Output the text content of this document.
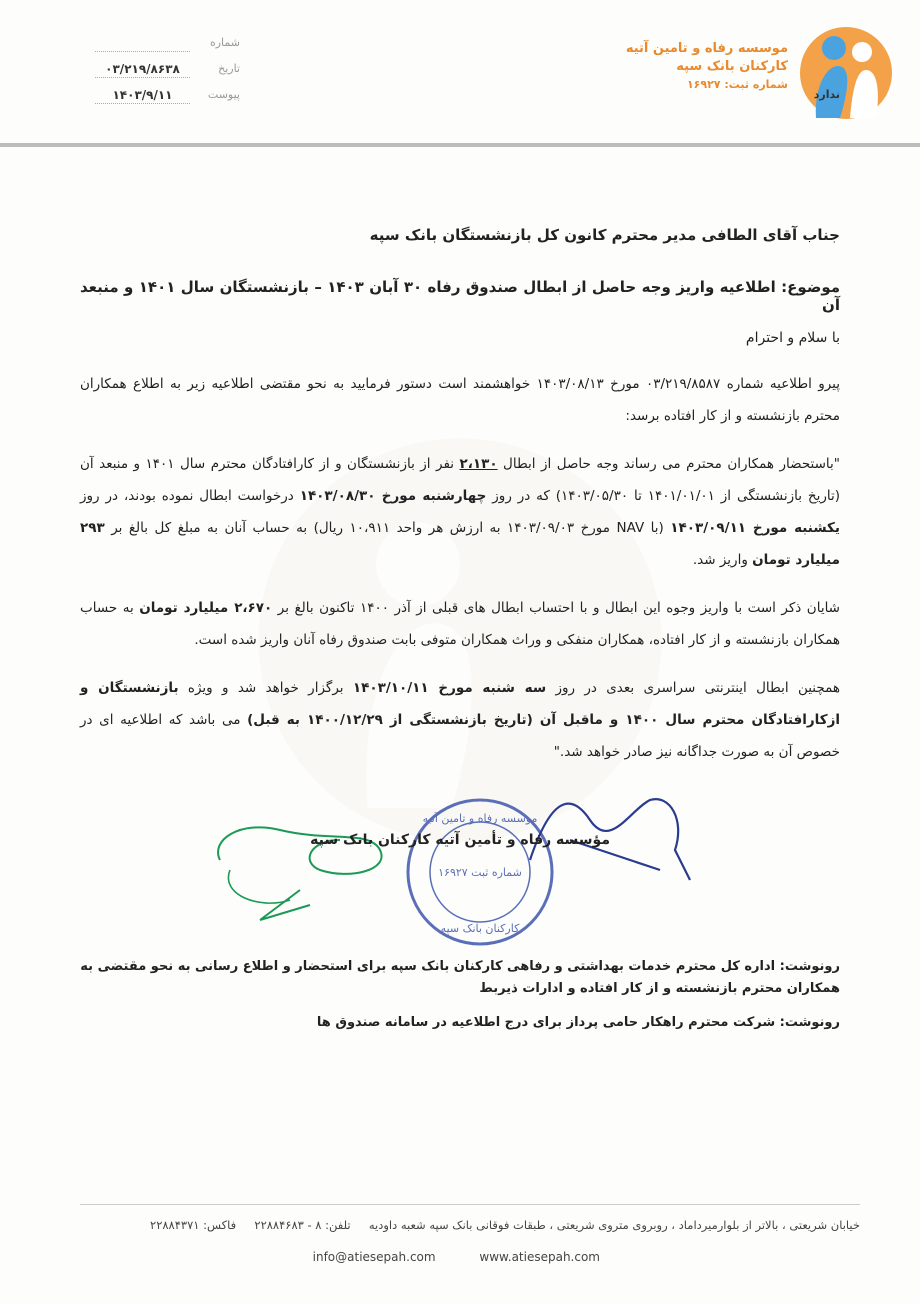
موسسه رفاه و تامین آتیه
کارکنان بانک سپه
شماره ثبت: ۱۶۹۲۷
شماره
تاریخ
۰۳/۲۱۹/۸۶۳۸
پیوست
۱۴۰۳/۹/۱۱	ندارد
جناب آقای الطافی مدیر محترم کانون کل بازنشستگان بانک سپه
موضوع: اطلاعیه واریز وجه حاصل از ابطال صندوق رفاه ۳۰ آبان ۱۴۰۳ – بازنشستگان سال ۱۴۰۱ و منبعد آن
با سلام و احترام
پیرو اطلاعیه شماره ۰۳/۲۱۹/۸۵۸۷ مورخ ۱۴۰۳/۰۸/۱۳ خواهشمند است دستور فرمایید به نحو مقتضی اطلاعیه زیر به اطلاع همکاران محترم بازنشسته و از کار افتاده برسد:
"باستحضار همکاران محترم می رساند وجه حاصل از ابطال ۲،۱۳۰ نفر از بازنشستگان و از کارافتادگان محترم سال ۱۴۰۱ و منبعد آن (تاریخ بازنشستگی از ۱۴۰۱/۰۱/۰۱ تا ۱۴۰۳/۰۵/۳۰) که در روز چهارشنبه مورخ ۱۴۰۳/۰۸/۳۰ درخواست ابطال نموده بودند، در روز یکشنبه مورخ ۱۴۰۳/۰۹/۱۱ (با NAV مورخ ۱۴۰۳/۰۹/۰۳ به ارزش هر واحد ۱۰،۹۱۱ ریال) به حساب آنان به مبلغ کل بالغ بر ۲۹۳ میلیارد تومان واریز شد.
شایان ذکر است با واریز وجوه این ابطال و با احتساب ابطال های قبلی از آذر ۱۴۰۰ تاکنون بالغ بر ۲،۶۷۰ میلیارد تومان به حساب همکاران بازنشسته و از کار افتاده، همکاران منفکی و وراث همکاران متوفی بابت صندوق رفاه آنان واریز شده است.
همچنین ابطال اینترنتی سراسری بعدی در روز سه شنبه مورخ ۱۴۰۳/۱۰/۱۱ برگزار خواهد شد و ویژه بازنشستگان و ازکارافتادگان محترم سال ۱۴۰۰ و ماقبل آن (تاریخ بازنشستگی از ۱۴۰۰/۱۲/۲۹ به قبل) می باشد که اطلاعیه ای در خصوص آن به صورت جداگانه نیز صادر خواهد شد."
موسسه رفاه و تامین آتیه
شماره ثبت ۱۶۹۲۷
کارکنان بانک سپه
مؤسسه رفاه و تأمین آتیه کارکنان بانک سپه
رونوشت: اداره کل محترم خدمات بهداشتی و رفاهی کارکنان بانک سپه برای استحضار و اطلاع رسانی به نحو مقتضی به همکاران محترم بازنشسته و از کار افتاده و ادارات ذیربط
رونوشت: شرکت محترم راهکار حامی پرداز برای درج اطلاعیه در سامانه صندوق ها
خیابان شریعتی ، بالاتر از بلوارمیرداماد ، روبروی متروی شریعتی ، طبقات فوقانی بانک سپه شعبه داودیه     تلفن: ۸ - ۲۲۸۸۴۶۸۳     فاکس: ۲۲۸۸۴۳۷۱
info@atiesepah.com	www.atiesepah.com
